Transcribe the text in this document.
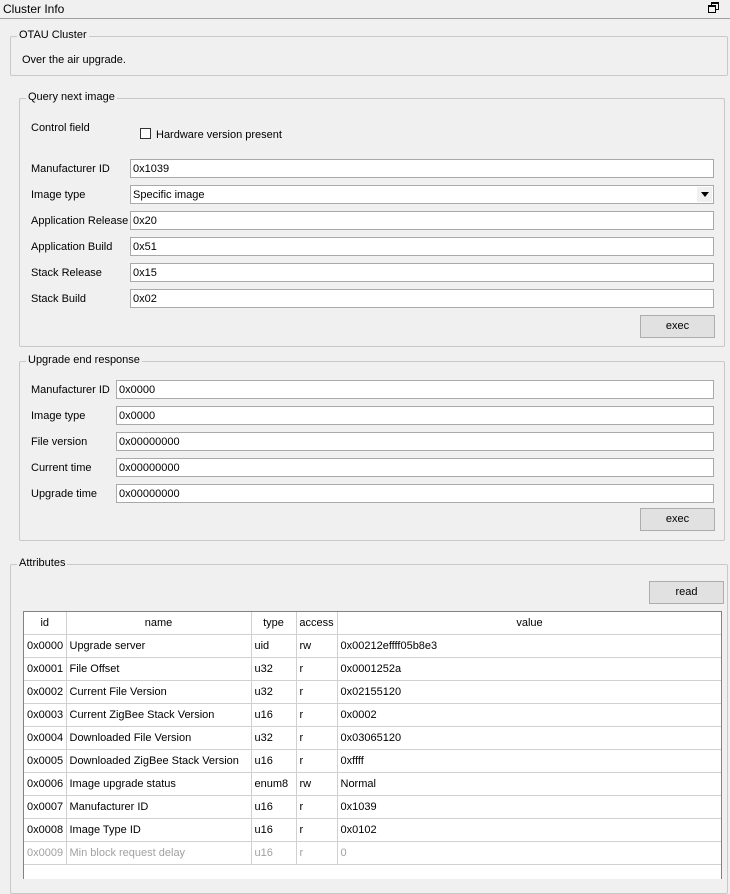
Cluster Info
OTAU Cluster
Over the air upgrade.
Query next image
Control field
Hardware version present
Manufacturer ID 0x1039
Image type	Specific image
Application Release 0x20
Application Build 0x51
Stack Release	0x15
Stack Build	0x02
exec
Upgrade end response
Manufacturer ID 0x0000
Image type	0x0000
File version	0x00000000
Current time 0x00000000
Upgrade time 0x00000000
exec
Attributes
read
id	name	type	access	value
0x0000	Upgrade server	uid	rw	0x00212effff05b8e3
0x0001	File Offset	u32	r	0x0001252a
0x0002	Current File Version	u32	r	0x02155120
0x0003	Current ZigBee Stack Version	u16	r	0x0002
0x0004	Downloaded File Version	u32	r	0x03065120
0x0005	Downloaded ZigBee Stack Version	u16	r	0xffff
0x0006	Image upgrade status	enum8	rw	Normal
0x0007	Manufacturer ID	u16	r	0x1039
0x0008	Image Type ID	u16	r	0x0102
0x0009	Min block request delay	u16	r	0
